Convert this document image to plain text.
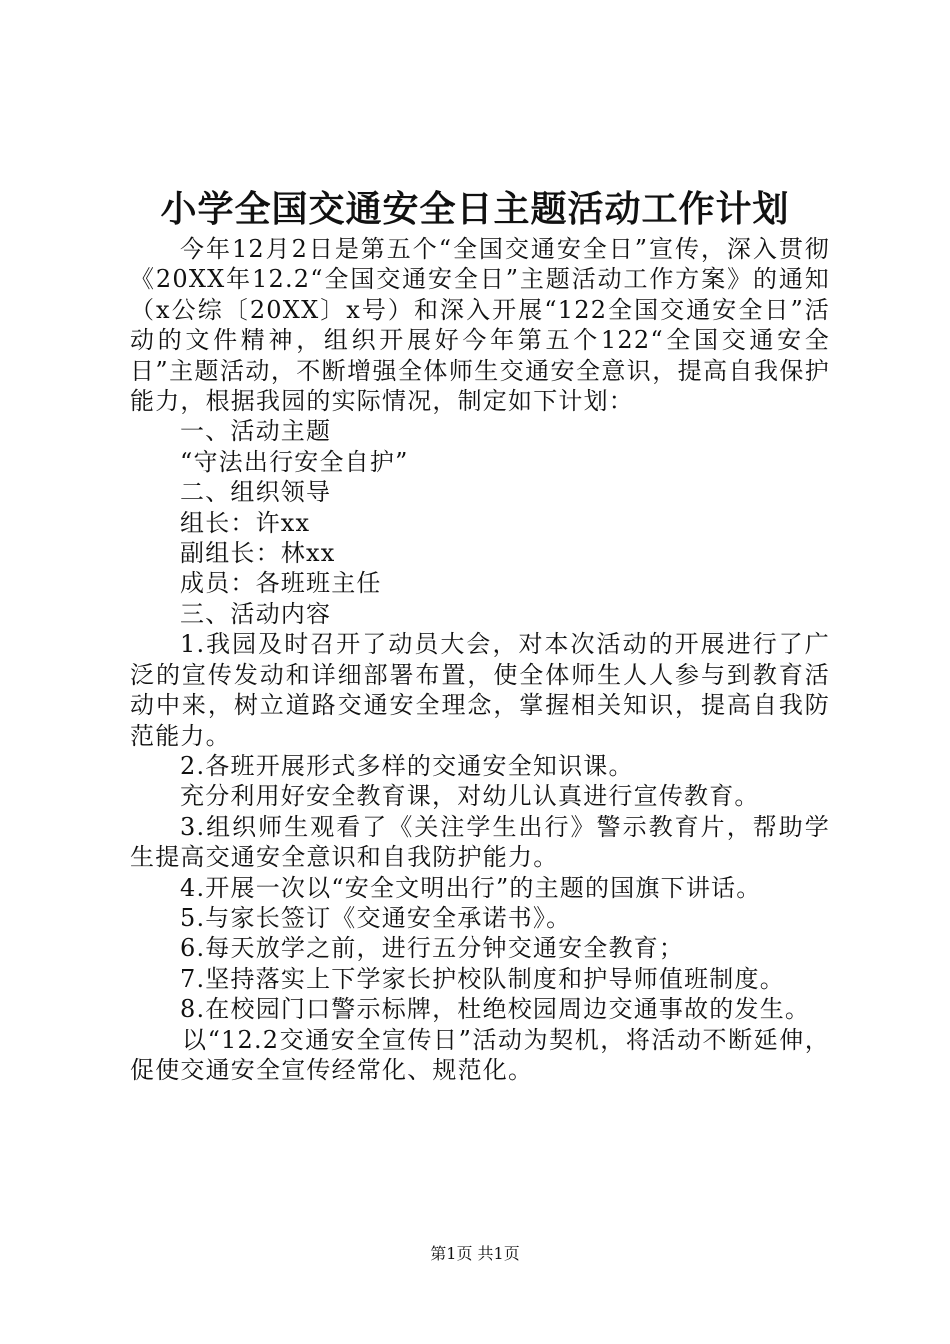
小学全国交通安全日主题活动工作计划

今年12月2日是第五个“全国交通安全日”宣传，深入贯彻《20XX年12.2“全国交通安全日”主题活动工作方案》的通知（x公综〔20XX〕x号）和深入开展“122全国交通安全日”活动的文件精神，组织开展好今年第五个122“全国交通安全日”主题活动，不断增强全体师生交通安全意识，提高自我保护能力，根据我园的实际情况，制定如下计划：

一、活动主题

“守法出行安全自护”

二、组织领导

组长：许xx

副组长：林xx

成员：各班班主任

三、活动内容

1.我园及时召开了动员大会，对本次活动的开展进行了广泛的宣传发动和详细部署布置，使全体师生人人参与到教育活动中来，树立道路交通安全理念，掌握相关知识，提高自我防范能力。

2.各班开展形式多样的交通安全知识课。

充分利用好安全教育课，对幼儿认真进行宣传教育。

3.组织师生观看了《关注学生出行》警示教育片，帮助学生提高交通安全意识和自我防护能力。

4.开展一次以“安全文明出行”的主题的国旗下讲话。

5.与家长签订《交通安全承诺书》。

6.每天放学之前，进行五分钟交通安全教育；

7.坚持落实上下学家长护校队制度和护导师值班制度。

8.在校园门口警示标牌，杜绝校园周边交通事故的发生。

以“12.2交通安全宣传日”活动为契机，将活动不断延伸，促使交通安全宣传经常化、规范化。

第1页 共1页
